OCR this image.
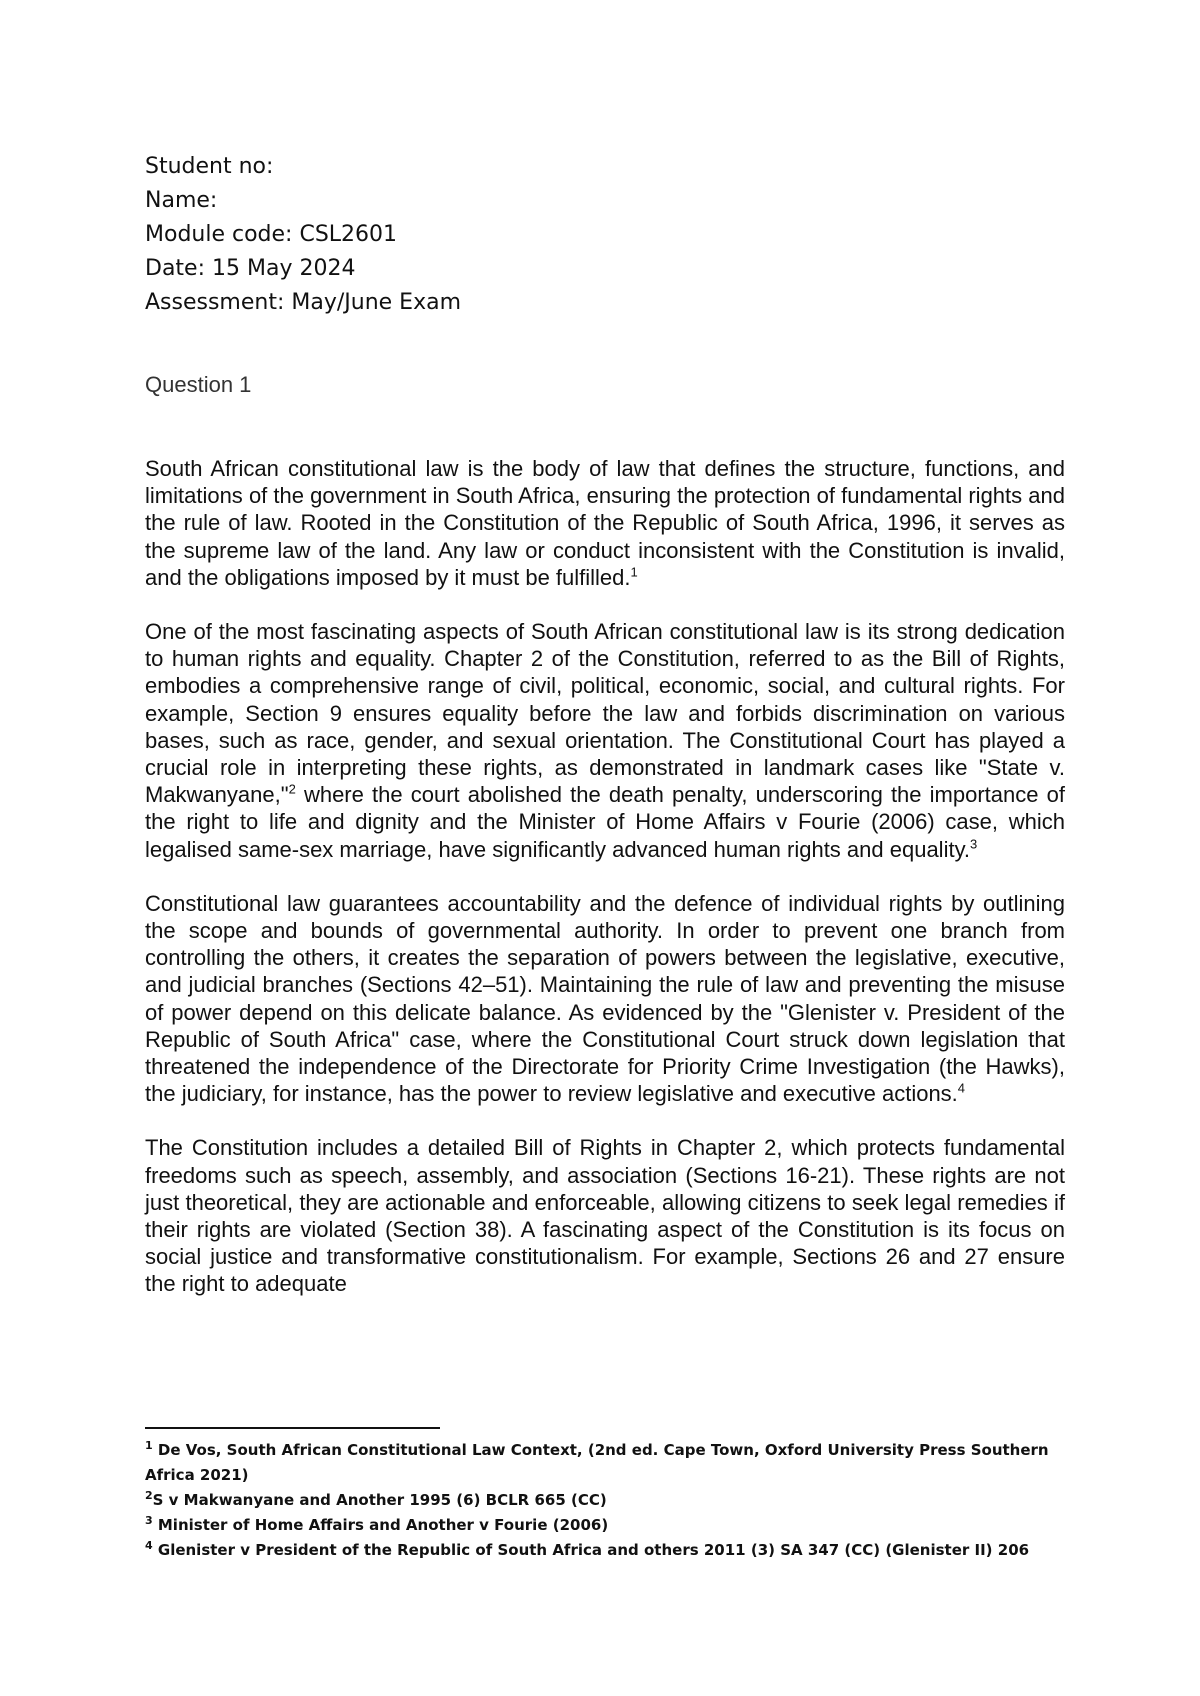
Student no:
Name:
Module code: CSL2601
Date: 15 May 2024
Assessment: May/June Exam
Question 1

South African constitutional law is the body of law that defines the structure, functions, and limitations of the government in South Africa, ensuring the protection of fundamental rights and the rule of law. Rooted in the Constitution of the Republic of South Africa, 1996, it serves as the supreme law of the land. Any law or conduct inconsistent with the Constitution is invalid, and the obligations imposed by it must be fulfilled.$^1$

One of the most fascinating aspects of South African constitutional law is its strong dedication to human rights and equality. Chapter 2 of the Constitution, referred to as the Bill of Rights, embodies a comprehensive range of civil, political, economic, social, and cultural rights. For example, Section 9 ensures equality before the law and forbids discrimination on various bases, such as race, gender, and sexual orientation. The Constitutional Court has played a crucial role in interpreting these rights, as demonstrated in landmark cases like "State v. Makwanyane,"$^2$ where the court abolished the death penalty, underscoring the importance of the right to life and dignity and the Minister of Home Affairs v Fourie (2006) case, which legalised same-sex marriage, have significantly advanced human rights and equality.$^3$

Constitutional law guarantees accountability and the defence of individual rights by outlining the scope and bounds of governmental authority. In order to prevent one branch from controlling the others, it creates the separation of powers between the legislative, executive, and judicial branches (Sections 42–51). Maintaining the rule of law and preventing the misuse of power depend on this delicate balance. As evidenced by the "Glenister v. President of the Republic of South Africa" case, where the Constitutional Court struck down legislation that threatened the independence of the Directorate for Priority Crime Investigation (the Hawks), the judiciary, for instance, has the power to review legislative and executive actions.$^4$

The Constitution includes a detailed Bill of Rights in Chapter 2, which protects fundamental freedoms such as speech, assembly, and association (Sections 16-21). These rights are not just theoretical, they are actionable and enforceable, allowing citizens to seek legal remedies if their rights are violated (Section 38). A fascinating aspect of the Constitution is its focus on social justice and transformative constitutionalism. For example, Sections 26 and 27 ensure the right to adequate

$^1$ De Vos, South African Constitutional Law Context, (2nd ed. Cape Town, Oxford University Press Southern Africa 2021)
$^2$S v Makwanyane and Another 1995 (6) BCLR 665 (CC)
$^3$ Minister of Home Affairs and Another v Fourie (2006)
$^4$ Glenister v President of the Republic of South Africa and others 2011 (3) SA 347 (CC) (Glenister II) 206
